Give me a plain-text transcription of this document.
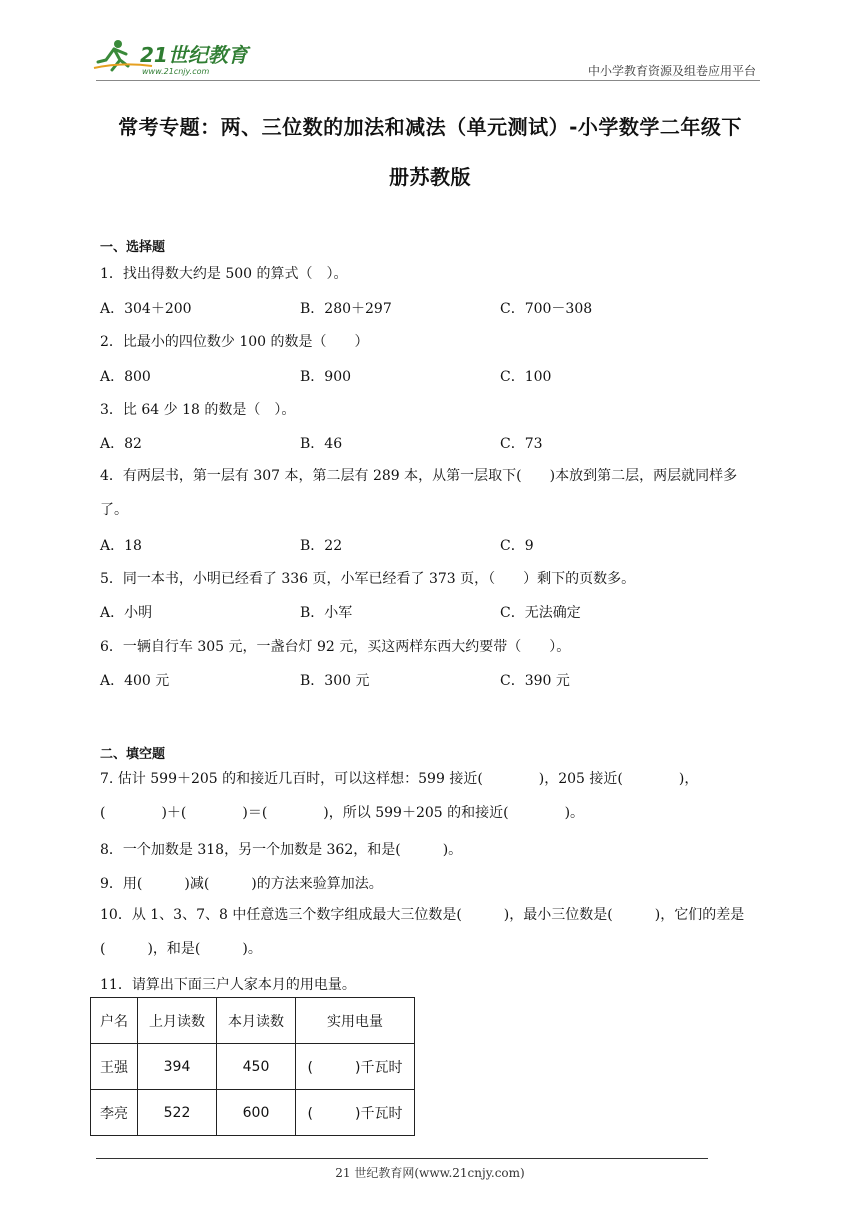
21世纪教育
www.21cnjy.com	中小学教育资源及组卷应用平台
常考专题：两、三位数的加法和减法（单元测试）-小学数学二年级下
册苏教版
一、选择题
1．找出得数大约是 500 的算式（　）。
A．304＋200	B．280＋297	C．700－308
2．比最小的四位数少 100 的数是（　　）
A．800	B．900	C．100
3．比 64 少 18 的数是（　）。
A．82	B．46	C．73
4．有两层书，第一层有 307 本，第二层有 289 本，从第一层取下(　　)本放到第二层，两层就同样多了。
A．18	B．22	C．9
5．同一本书，小明已经看了 336 页，小军已经看了 373 页，（　　）剩下的页数多。
A．小明	B．小军	C．无法确定
6．一辆自行车 305 元，一盏台灯 92 元，买这两样东西大约要带（　　）。
A．400 元	B．300 元	C．390 元
二、填空题
7. 估计 599＋205 的和接近几百时，可以这样想：599 接近(　　　　)，205 接近(　　　　)，(　　　　)＋(　　　　)＝(　　　　)，所以 599＋205 的和接近(　　　　)。
8．一个加数是 318，另一个加数是 362，和是(　　　)。
9．用(　　　)减(　　　)的方法来验算加法。
10．从 1、3、7、8 中任意选三个数字组成最大三位数是(　　　)，最小三位数是(　　　)，它们的差是(　　　)，和是(　　　)。
11．请算出下面三户人家本月的用电量。
户名	上月读数	本月读数	实用电量
王强	394	450	(　　　)千瓦时
李亮	522	600	(　　　)千瓦时
21 世纪教育网(www.21cnjy.com)
